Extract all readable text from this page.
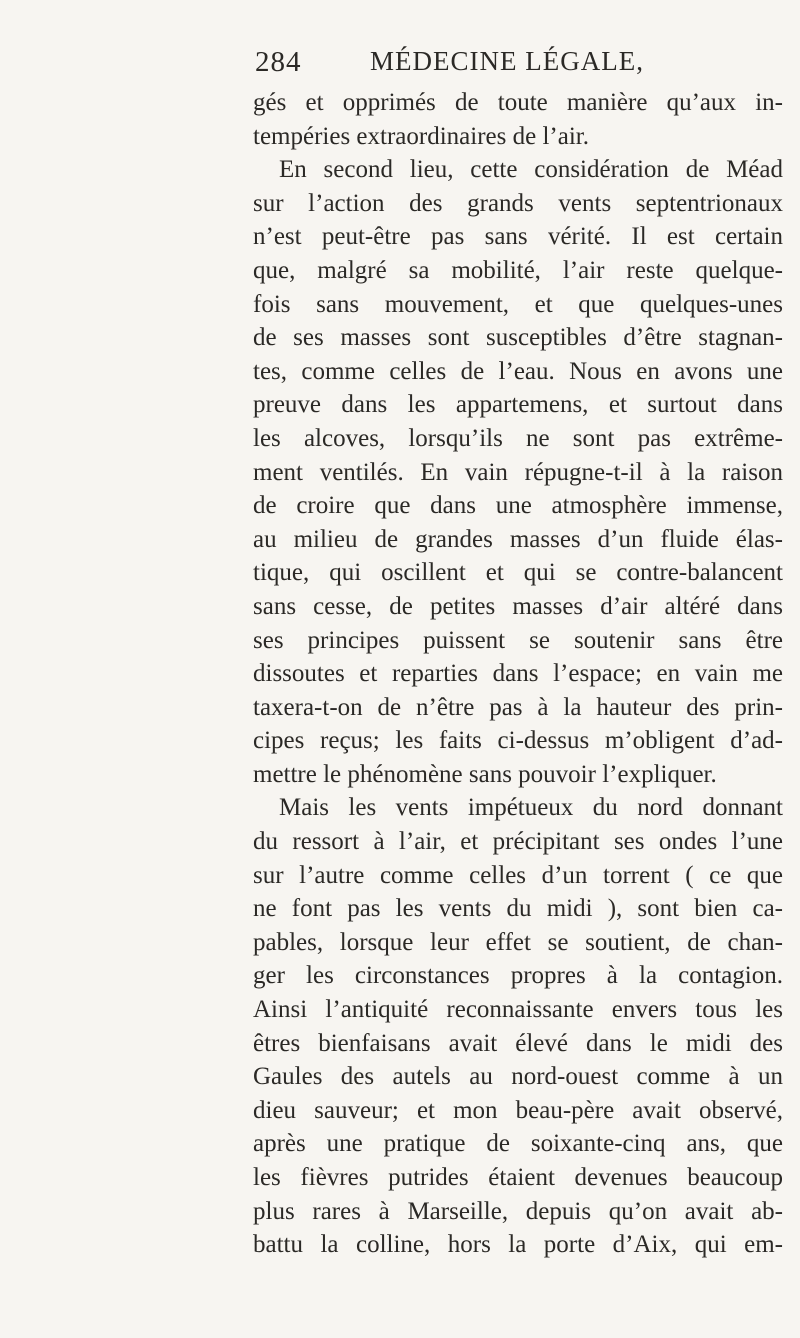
284	MÉDECINE LÉGALE,
gés et opprimés de toute manière qu’aux in-
tempéries extraordinaires de l’air.
En second lieu, cette considération de Méad
sur l’action des grands vents septentrionaux
n’est peut-être pas sans vérité. Il est certain
que, malgré sa mobilité, l’air reste quelque-
fois sans mouvement, et que quelques-unes
de ses masses sont susceptibles d’être stagnan-
tes, comme celles de l’eau. Nous en avons une
preuve dans les appartemens, et surtout dans
les alcoves, lorsqu’ils ne sont pas extrême-
ment ventilés. En vain répugne-t-il à la raison
de croire que dans une atmosphère immense,
au milieu de grandes masses d’un fluide élas-
tique, qui oscillent et qui se contre-balancent
sans cesse, de petites masses d’air altéré dans
ses principes puissent se soutenir sans être
dissoutes et reparties dans l’espace; en vain me
taxera-t-on de n’être pas à la hauteur des prin-
cipes reçus; les faits ci-dessus m’obligent d’ad-
mettre le phénomène sans pouvoir l’expliquer.
Mais les vents impétueux du nord donnant
du ressort à l’air, et précipitant ses ondes l’une
sur l’autre comme celles d’un torrent ( ce que
ne font pas les vents du midi ), sont bien ca-
pables, lorsque leur effet se soutient, de chan-
ger les circonstances propres à la contagion.
Ainsi l’antiquité reconnaissante envers tous les
êtres bienfaisans avait élevé dans le midi des
Gaules des autels au nord-ouest comme à un
dieu sauveur; et mon beau-père avait observé,
après une pratique de soixante-cinq ans, que
les fièvres putrides étaient devenues beaucoup
plus rares à Marseille, depuis qu’on avait ab-
battu la colline, hors la porte d’Aix, qui em-
